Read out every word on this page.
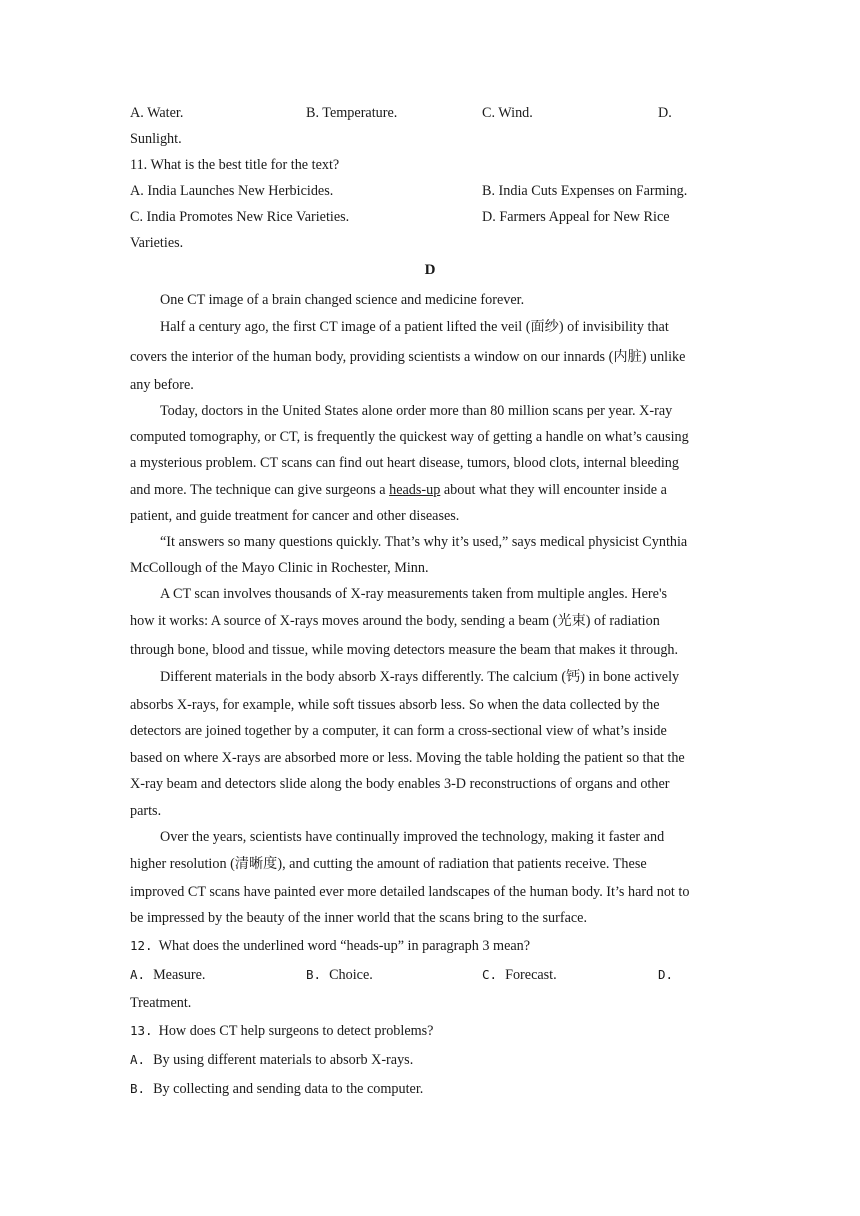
A. Water.	B. Temperature.	C. Wind.	D.
Sunlight.
11. What is the best title for the text?
A. India Launches New Herbicides.	B. India Cuts Expenses on Farming.
C. India Promotes New Rice Varieties.	D. Farmers Appeal for New Rice
Varieties.
D
One CT image of a brain changed science and medicine forever.
Half a century ago, the first CT image of a patient lifted the veil (面纱) of invisibility that
covers the interior of the human body, providing scientists a window on our innards (内脏) unlike
any before.
Today, doctors in the United States alone order more than 80 million scans per year. X-ray
computed tomography, or CT, is frequently the quickest way of getting a handle on what’s causing
a mysterious problem. CT scans can find out heart disease, tumors, blood clots, internal bleeding
and more. The technique can give surgeons a heads-up about what they will encounter inside a
patient, and guide treatment for cancer and other diseases.
“It answers so many questions quickly. That’s why it’s used,” says medical physicist Cynthia
McCollough of the Mayo Clinic in Rochester, Minn.
A CT scan involves thousands of X-ray measurements taken from multiple angles. Here's
how it works: A source of X-rays moves around the body, sending a beam (光束) of radiation
through bone, blood and tissue, while moving detectors measure the beam that makes it through.
Different materials in the body absorb X-rays differently. The calcium (钙) in bone actively
absorbs X-rays, for example, while soft tissues absorb less. So when the data collected by the
detectors are joined together by a computer, it can form a cross-sectional view of what’s inside
based on where X-rays are absorbed more or less. Moving the table holding the patient so that the
X-ray beam and detectors slide along the body enables 3-D reconstructions of organs and other
parts.
Over the years, scientists have continually improved the technology, making it faster and
higher resolution (清晰度), and cutting the amount of radiation that patients receive. These
improved CT scans have painted ever more detailed landscapes of the human body. It’s hard not to
be impressed by the beauty of the inner world that the scans bring to the surface.
12. What does the underlined word “heads-up” in paragraph 3 mean?
A. Measure.	B. Choice.	C. Forecast.	D.
Treatment.
13. How does CT help surgeons to detect problems?
A. By using different materials to absorb X-rays.
B. By collecting and sending data to the computer.
